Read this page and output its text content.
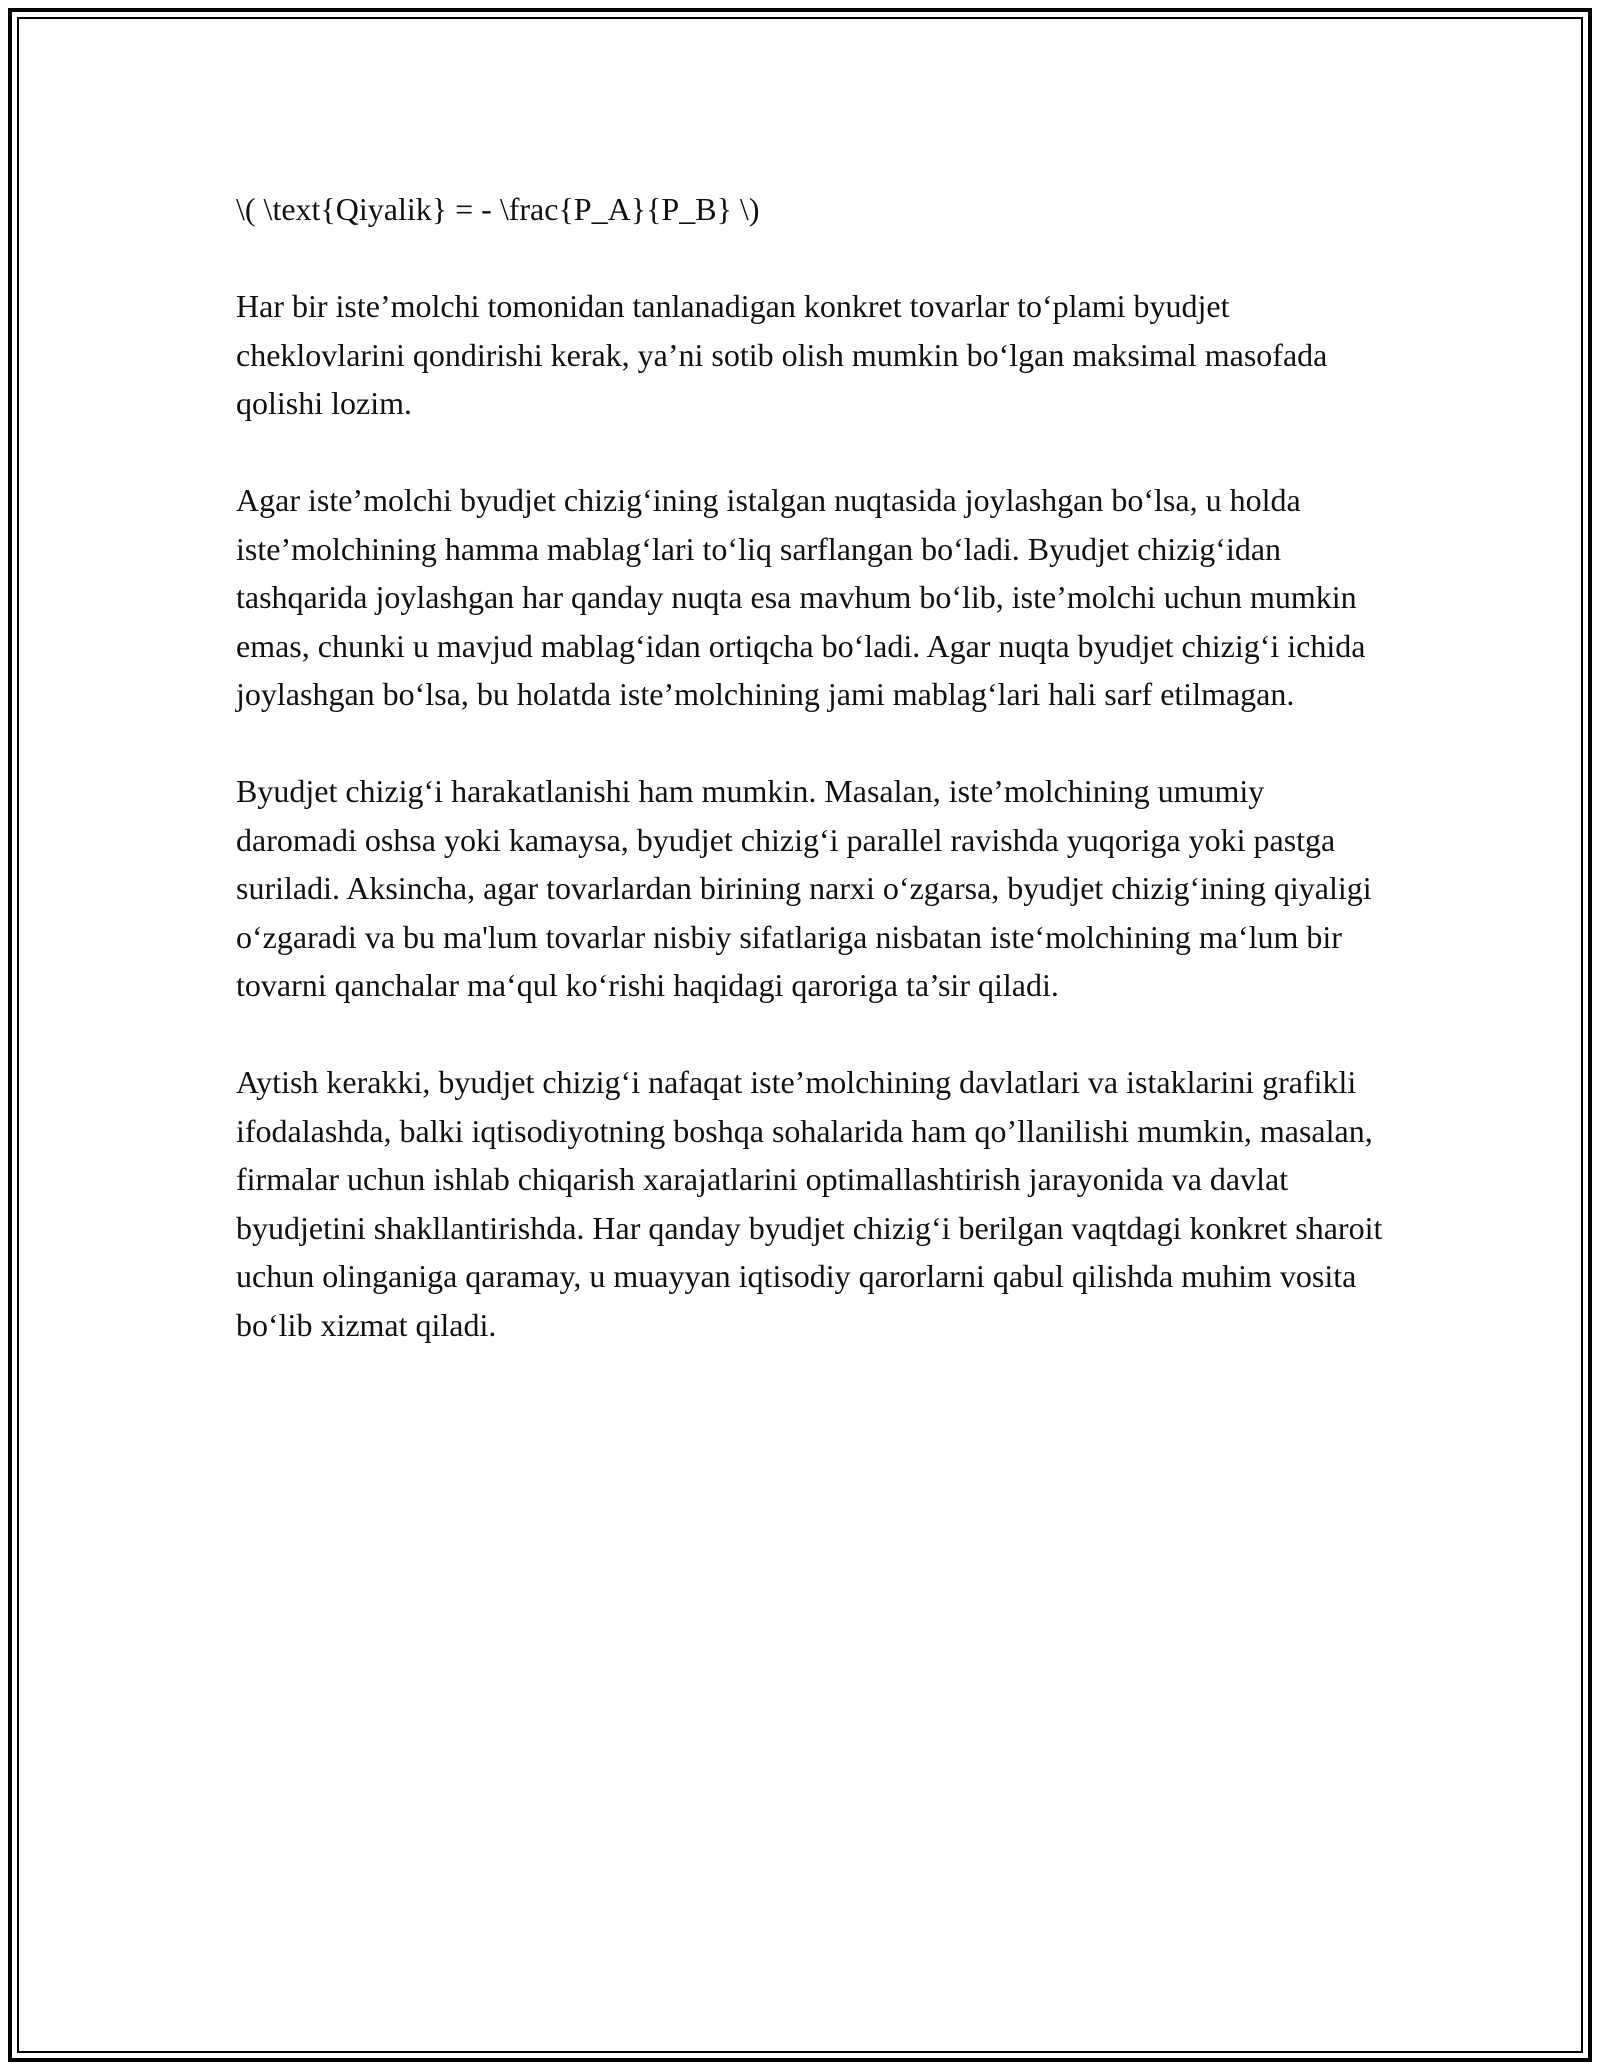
\( \text{Qiyalik} = - \frac{P_A}{P_B} \)

Har bir iste’molchi tomonidan tanlanadigan konkret tovarlar to‘plami byudjet cheklovlarini qondirishi kerak, ya’ni sotib olish mumkin bo‘lgan maksimal masofada qolishi lozim.

Agar iste’molchi byudjet chizig‘ining istalgan nuqtasida joylashgan bo‘lsa, u holda iste’molchining hamma mablag‘lari to‘liq sarflangan bo‘ladi. Byudjet chizig‘idan tashqarida joylashgan har qanday nuqta esa mavhum bo‘lib, iste’molchi uchun mumkin emas, chunki u mavjud mablag‘idan ortiqcha bo‘ladi. Agar nuqta byudjet chizig‘i ichida joylashgan bo‘lsa, bu holatda iste’molchining jami mablag‘lari hali sarf etilmagan.

Byudjet chizig‘i harakatlanishi ham mumkin. Masalan, iste’molchining umumiy daromadi oshsa yoki kamaysa, byudjet chizig‘i parallel ravishda yuqoriga yoki pastga suriladi. Aksincha, agar tovarlardan birining narxi o‘zgarsa, byudjet chizig‘ining qiyaligi o‘zgaradi va bu ma'lum tovarlar nisbiy sifatlariga nisbatan iste‘molchining ma‘lum bir tovarni qanchalar ma‘qul ko‘rishi haqidagi qaroriga ta’sir qiladi.

Aytish kerakki, byudjet chizig‘i nafaqat iste’molchining davlatlari va istaklarini grafikli ifodalashda, balki iqtisodiyotning boshqa sohalarida ham qo’llanilishi mumkin, masalan, firmalar uchun ishlab chiqarish xarajatlarini optimallashtirish jarayonida va davlat byudjetini shakllantirishda. Har qanday byudjet chizig‘i berilgan vaqtdagi konkret sharoit uchun olinganiga qaramay, u muayyan iqtisodiy qarorlarni qabul qilishda muhim vosita bo‘lib xizmat qiladi.
